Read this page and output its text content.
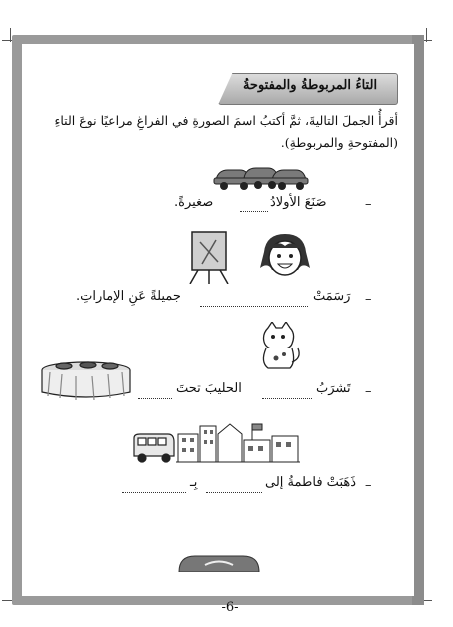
التاءُ المربوطةُ والمفتوحةُ
أقرأُ الجملَ التاليةَ، ثمَّ أكتبُ اسمَ الصورةِ في الفراغِ مراعيًا نوعَ التاءِ (المفتوحةِ والمربوطةِ).
–
صَنَعَ الأولادُ
صغيرةً.
–
رَسَمَتْ
جميلةً عَنِ الإماراتِ.
–
تَشرَبُ
الحليبَ تحتَ
–
ذَهَبَتْ فاطمةُ إلى
بِـ
-6-
